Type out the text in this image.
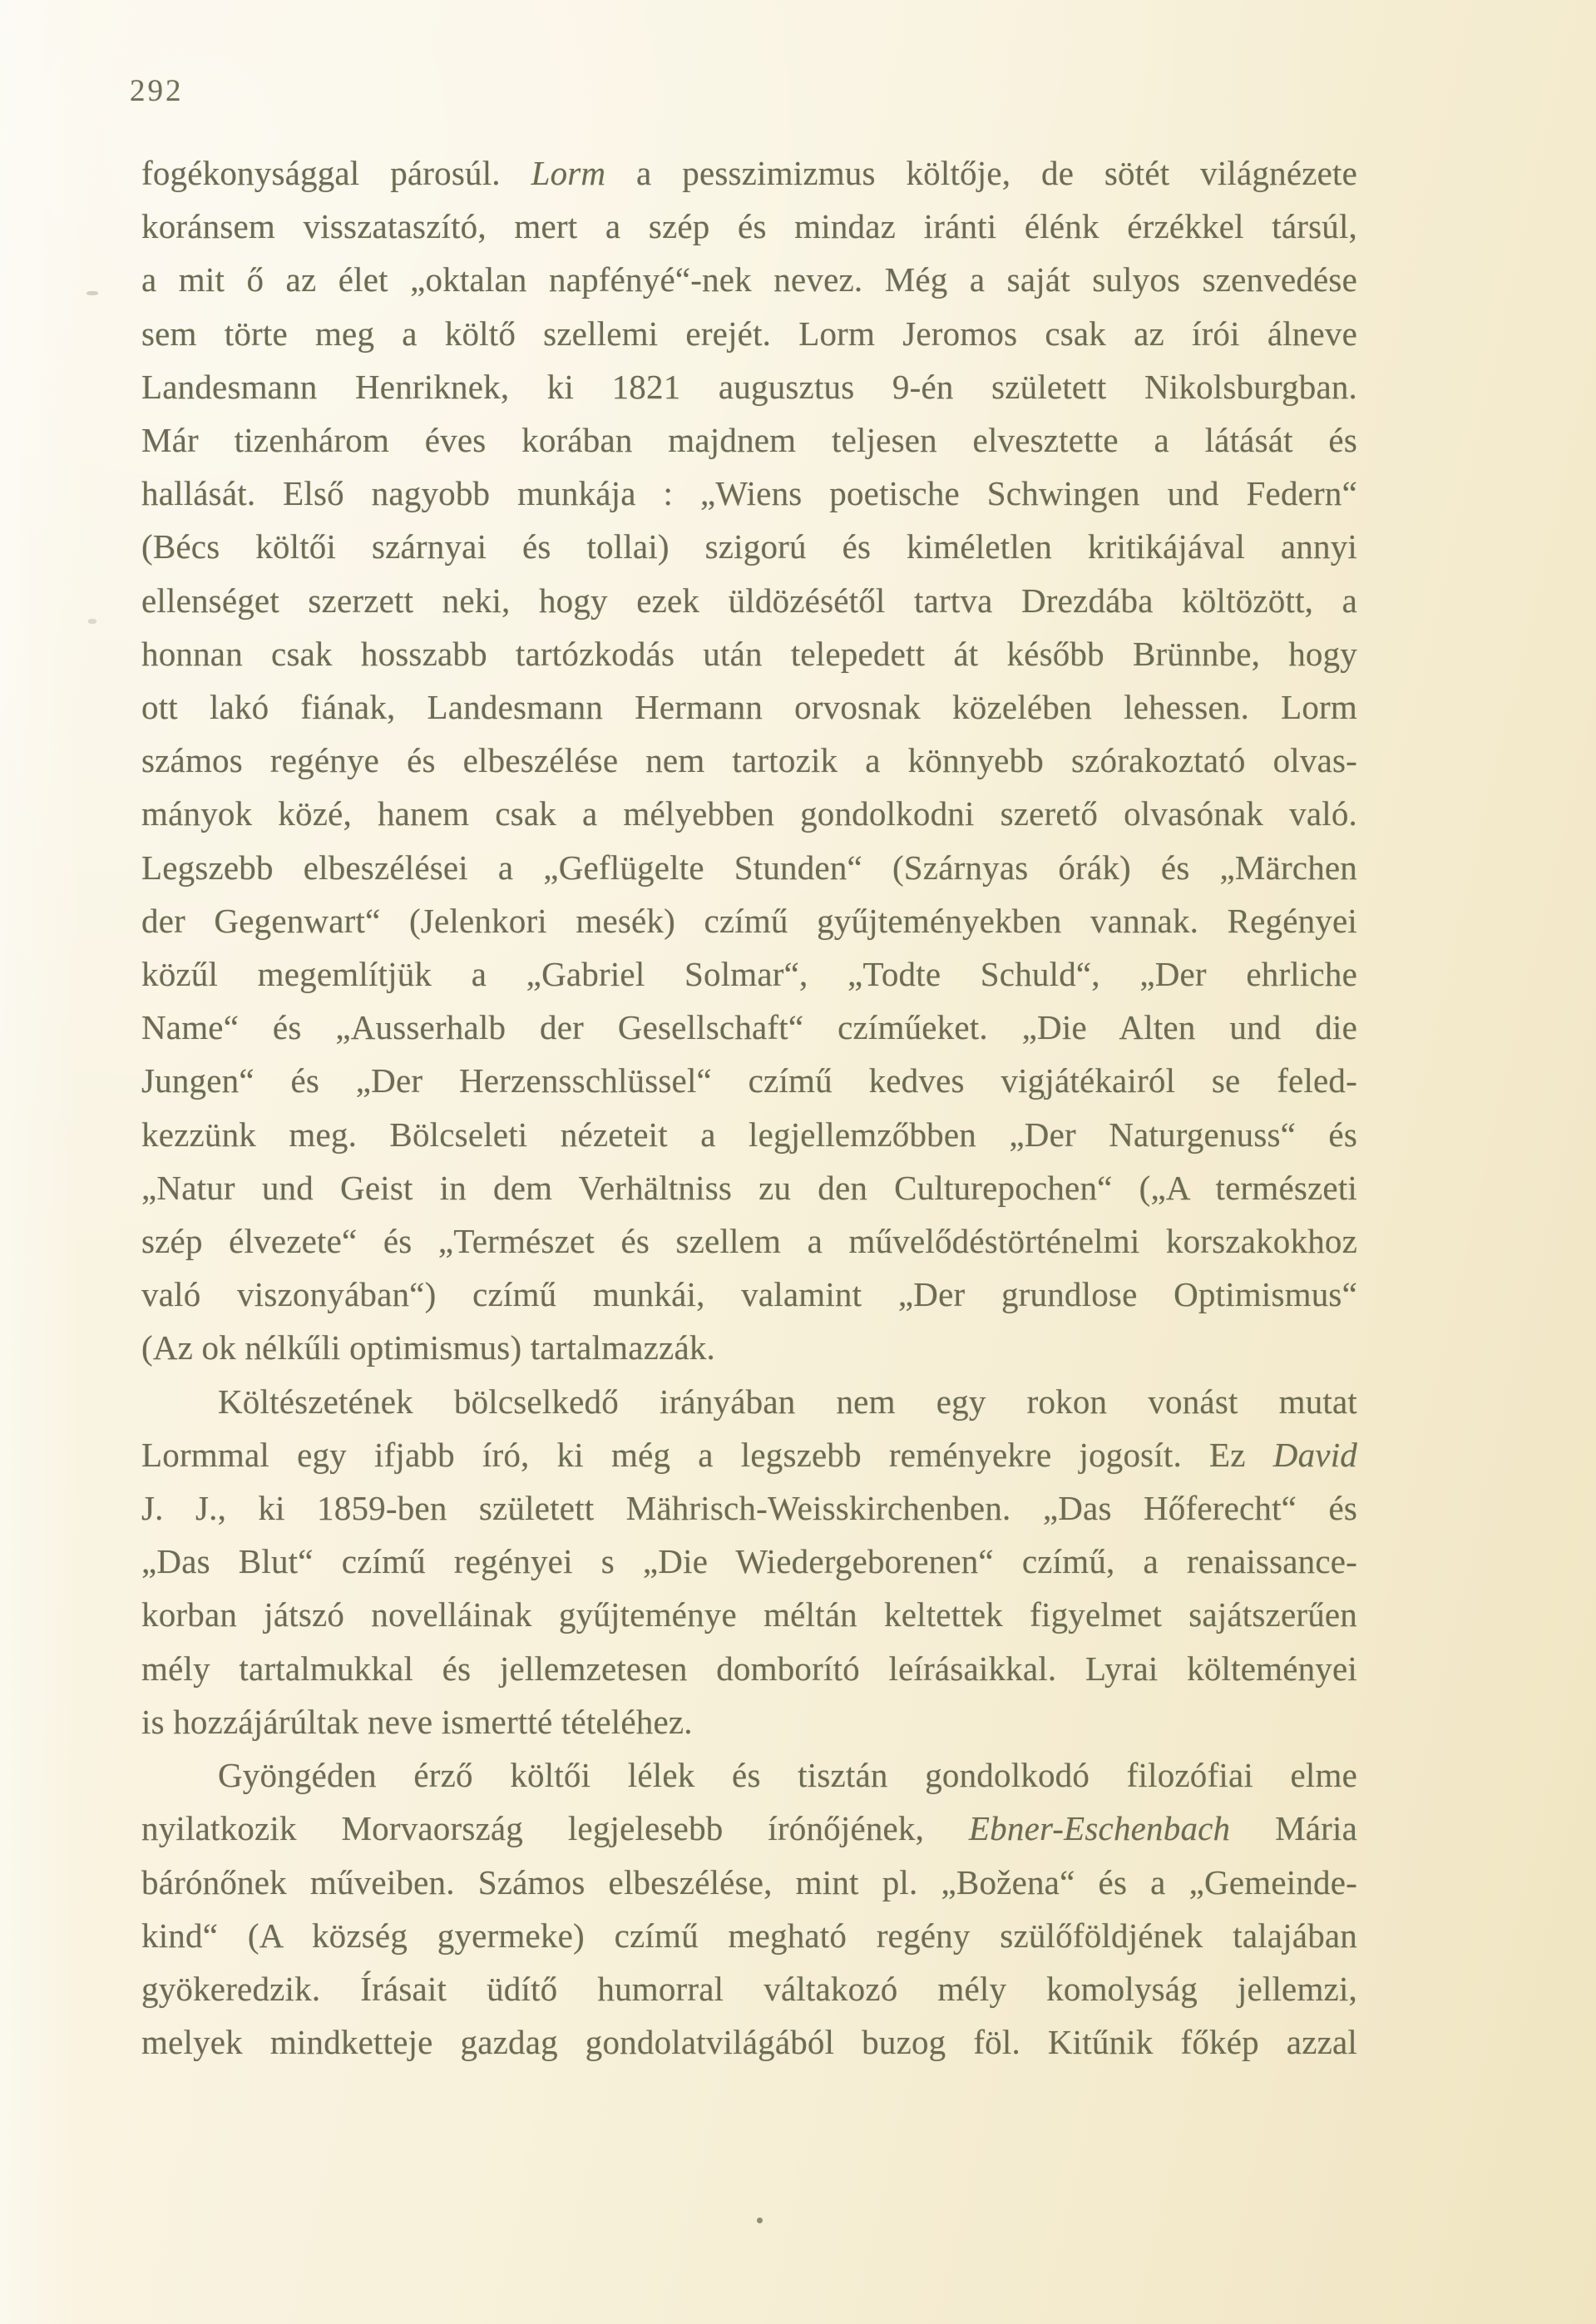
292
fogékonysággal párosúl. Lorm a pesszimizmus költője, de sötét világnézete
koránsem visszataszító, mert a szép és mindaz iránti élénk érzékkel társúl,
a mit ő az élet „oktalan napfényé“-nek nevez. Még a saját sulyos szenvedése
sem törte meg a költő szellemi erejét. Lorm Jeromos csak az írói álneve
Landesmann Henriknek, ki 1821 augusztus 9-én született Nikolsburgban.
Már tizenhárom éves korában majdnem teljesen elvesztette a látását és
hallását. Első nagyobb munkája : „Wiens poetische Schwingen und Federn“
(Bécs költői szárnyai és tollai) szigorú és kiméletlen kritikájával annyi
ellenséget szerzett neki, hogy ezek üldözésétől tartva Drezdába költözött, a
honnan csak hosszabb tartózkodás után telepedett át később Brünnbe, hogy
ott lakó fiának, Landesmann Hermann orvosnak közelében lehessen. Lorm
számos regénye és elbeszélése nem tartozik a könnyebb szórakoztató olvas-
mányok közé, hanem csak a mélyebben gondolkodni szerető olvasónak való.
Legszebb elbeszélései a „Geflügelte Stunden“ (Szárnyas órák) és „Märchen
der Gegenwart“ (Jelenkori mesék) czímű gyűjteményekben vannak. Regényei
közűl megemlítjük a „Gabriel Solmar“, „Todte Schuld“, „Der ehrliche
Name“ és „Ausserhalb der Gesellschaft“ czíműeket. „Die Alten und die
Jungen“ és „Der Herzensschlüssel“ czímű kedves vigjátékairól se feled-
kezzünk meg. Bölcseleti nézeteit a legjellemzőbben „Der Naturgenuss“ és
„Natur und Geist in dem Verhältniss zu den Culturepochen“ („A természeti
szép élvezete“ és „Természet és szellem a művelődéstörténelmi korszakokhoz
való viszonyában“) czímű munkái, valamint „Der grundlose Optimismus“
(Az ok nélkűli optimismus) tartalmazzák.
Költészetének bölcselkedő irányában nem egy rokon vonást mutat
Lormmal egy ifjabb író, ki még a legszebb reményekre jogosít. Ez David
J. J., ki 1859-ben született Mährisch-Weisskirchenben. „Das Hőferecht“ és
„Das Blut“ czímű regényei s „Die Wiedergeborenen“ czímű, a renaissance-
korban játszó novelláinak gyűjteménye méltán keltettek figyelmet sajátszerűen
mély tartalmukkal és jellemzetesen domborító leírásaikkal. Lyrai költeményei
is hozzájárúltak neve ismertté tételéhez.
Gyöngéden érző költői lélek és tisztán gondolkodó filozófiai elme
nyilatkozik Morvaország legjelesebb írónőjének, Ebner-Eschenbach Mária
bárónőnek műveiben. Számos elbeszélése, mint pl. „Božena“ és a „Gemeinde-
kind“ (A község gyermeke) czímű megható regény szülőföldjének talajában
gyökeredzik. Írásait üdítő humorral váltakozó mély komolyság jellemzi,
melyek mindketteje gazdag gondolatvilágából buzog föl. Kitűnik főkép azzal
